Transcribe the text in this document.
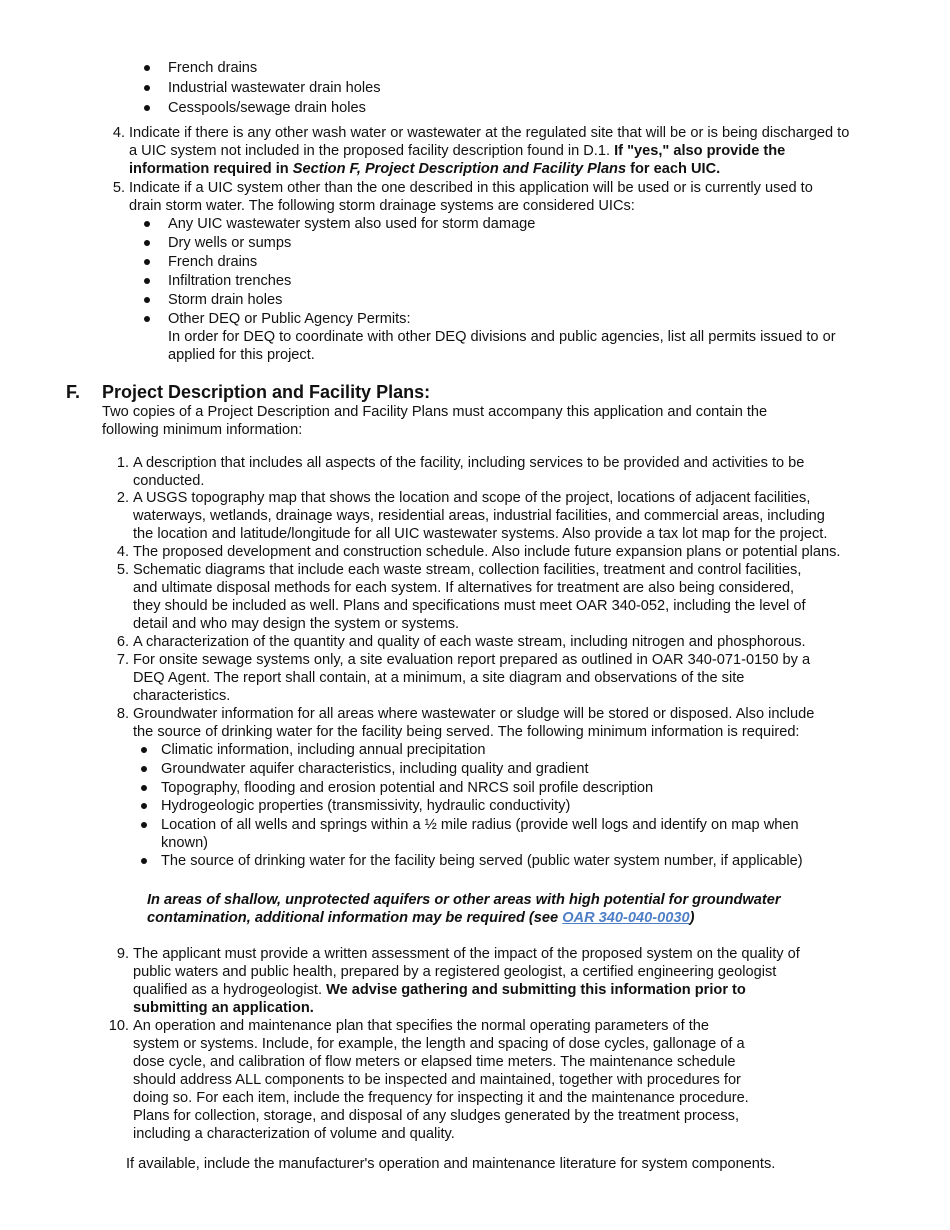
French drains
Industrial wastewater drain holes
Cesspools/sewage drain holes
4. Indicate if there is any other wash water or wastewater at the regulated site that will be or is being discharged to
a UIC system not included in the proposed facility description found in D.1. If "yes," also provide the
information required in Section F, Project Description and Facility Plans for each UIC.
5. Indicate if a UIC system other than the one described in this application will be used or is currently used to
drain storm water. The following storm drainage systems are considered UICs:
Any UIC wastewater system also used for storm damage
Dry wells or sumps
French drains
Infiltration trenches
Storm drain holes
Other DEQ or Public Agency Permits:
In order for DEQ to coordinate with other DEQ divisions and public agencies, list all permits issued to or
applied for this project.
F. Project Description and Facility Plans:
Two copies of a Project Description and Facility Plans must accompany this application and contain the
following minimum information:
1. A description that includes all aspects of the facility, including services to be provided and activities to be
conducted.
2. A USGS topography map that shows the location and scope of the project, locations of adjacent facilities,
waterways, wetlands, drainage ways, residential areas, industrial facilities, and commercial areas, including
the location and latitude/longitude for all UIC wastewater systems. Also provide a tax lot map for the project.
4. The proposed development and construction schedule. Also include future expansion plans or potential plans.
5. Schematic diagrams that include each waste stream, collection facilities, treatment and control facilities,
and ultimate disposal methods for each system. If alternatives for treatment are also being considered,
they should be included as well. Plans and specifications must meet OAR 340-052, including the level of
detail and who may design the system or systems.
6. A characterization of the quantity and quality of each waste stream, including nitrogen and phosphorous.
7. For onsite sewage systems only, a site evaluation report prepared as outlined in OAR 340-071-0150 by a
DEQ Agent. The report shall contain, at a minimum, a site diagram and observations of the site
characteristics.
8. Groundwater information for all areas where wastewater or sludge will be stored or disposed. Also include
the source of drinking water for the facility being served. The following minimum information is required:
Climatic information, including annual precipitation
Groundwater aquifer characteristics, including quality and gradient
Topography, flooding and erosion potential and NRCS soil profile description
Hydrogeologic properties (transmissivity, hydraulic conductivity)
Location of all wells and springs within a ½ mile radius (provide well logs and identify on map when
known)
The source of drinking water for the facility being served (public water system number, if applicable)
In areas of shallow, unprotected aquifers or other areas with high potential for groundwater
contamination, additional information may be required (see OAR 340-040-0030)
9. The applicant must provide a written assessment of the impact of the proposed system on the quality of
public waters and public health, prepared by a registered geologist, a certified engineering geologist
qualified as a hydrogeologist. We advise gathering and submitting this information prior to
submitting an application.
10. An operation and maintenance plan that specifies the normal operating parameters of the
system or systems. Include, for example, the length and spacing of dose cycles, gallonage of a
dose cycle, and calibration of flow meters or elapsed time meters. The maintenance schedule
should address ALL components to be inspected and maintained, together with procedures for
doing so. For each item, include the frequency for inspecting it and the maintenance procedure.
Plans for collection, storage, and disposal of any sludges generated by the treatment process,
including a characterization of volume and quality.
If available, include the manufacturer's operation and maintenance literature for system components.
